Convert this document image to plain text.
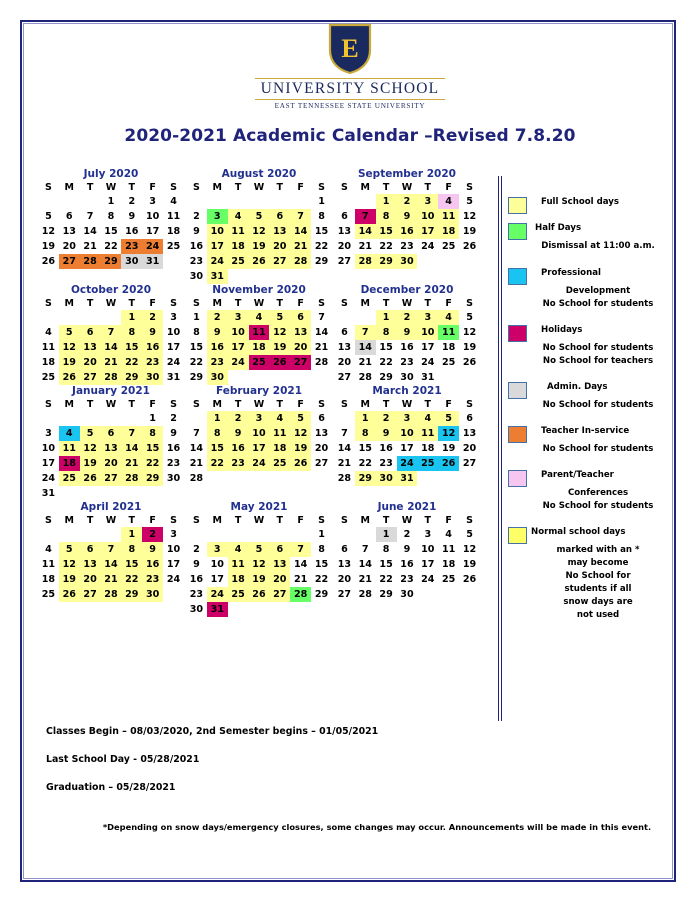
E
UNIVERSITY SCHOOL
EAST TENNESSEE STATE UNIVERSITY
2020-2021 Academic Calendar –Revised 7.8.20
July 2020
S	M	T	W	T	F	S
			1	2	3	4
5	6	7	8	9	10	11
12	13	14	15	16	17	18
19	20	21	22	23	24	25
26	27	28	29	30	31	
August 2020
S	M	T	W	T	F	S
						1
2	3	4	5	6	7	8
9	10	11	12	13	14	15
16	17	18	19	20	21	22
23	24	25	26	27	28	29
30	31					
September 2020
S	M	T	W	T	F	S
		1	2	3	4	5
6	7	8	9	10	11	12
13	14	15	16	17	18	19
20	21	22	23	24	25	26
27	28	29	30			
October 2020
S	M	T	W	T	F	S
				1	2	3
4	5	6	7	8	9	10
11	12	13	14	15	16	17
18	19	20	21	22	23	24
25	26	27	28	29	30	31
November 2020
S	M	T	W	T	F	S
1	2	3	4	5	6	7
8	9	10	11	12	13	14
15	16	17	18	19	20	21
22	23	24	25	26	27	28
29	30					
December 2020
S	M	T	W	T	F	S
		1	2	3	4	5
6	7	8	9	10	11	12
13	14	15	16	17	18	19
20	21	22	23	24	25	26
27	28	29	30	31		
January 2021
S	M	T	W	T	F	S
					1	2
3	4	5	6	7	8	9
10	11	12	13	14	15	16
17	18	19	20	21	22	23
24	25	26	27	28	29	30
31						
February 2021
S	M	T	W	T	F	S
	1	2	3	4	5	6
7	8	9	10	11	12	13
14	15	16	17	18	19	20
21	22	23	24	25	26	27
28						
March 2021
S	M	T	W	T	F	S
	1	2	3	4	5	6
7	8	9	10	11	12	13
14	15	16	17	18	19	20
21	22	23	24	25	26	27
28	29	30	31			
April 2021
S	M	T	W	T	F	S
				1	2	3
4	5	6	7	8	9	10
11	12	13	14	15	16	17
18	19	20	21	22	23	24
25	26	27	28	29	30	
May 2021
S	M	T	W	T	F	S
						1
2	3	4	5	6	7	8
9	10	11	12	13	14	15
16	17	18	19	20	21	22
23	24	25	26	27	28	29
30	31					
June 2021
S	M	T	W	T	F	S
		1	2	3	4	5
6	7	8	9	10	11	12
13	14	15	16	17	18	19
20	21	22	23	24	25	26
27	28	29	30			
Full School days
Half Days
Dismissal at 11:00 a.m.
Professional
Development
No School for students
Holidays
No School for students
No School for teachers
Admin. Days
No School for students
Teacher In-service
No School for students
Parent/Teacher
Conferences
No School for students
Normal school days
marked with an *
may become
No School for
students if all
snow days are
not used
Classes Begin – 08/03/2020, 2nd Semester begins – 01/05/2021
Last School Day - 05/28/2021
Graduation – 05/28/2021
*Depending on snow days/emergency closures, some changes may occur. Announcements will be made in this event.
